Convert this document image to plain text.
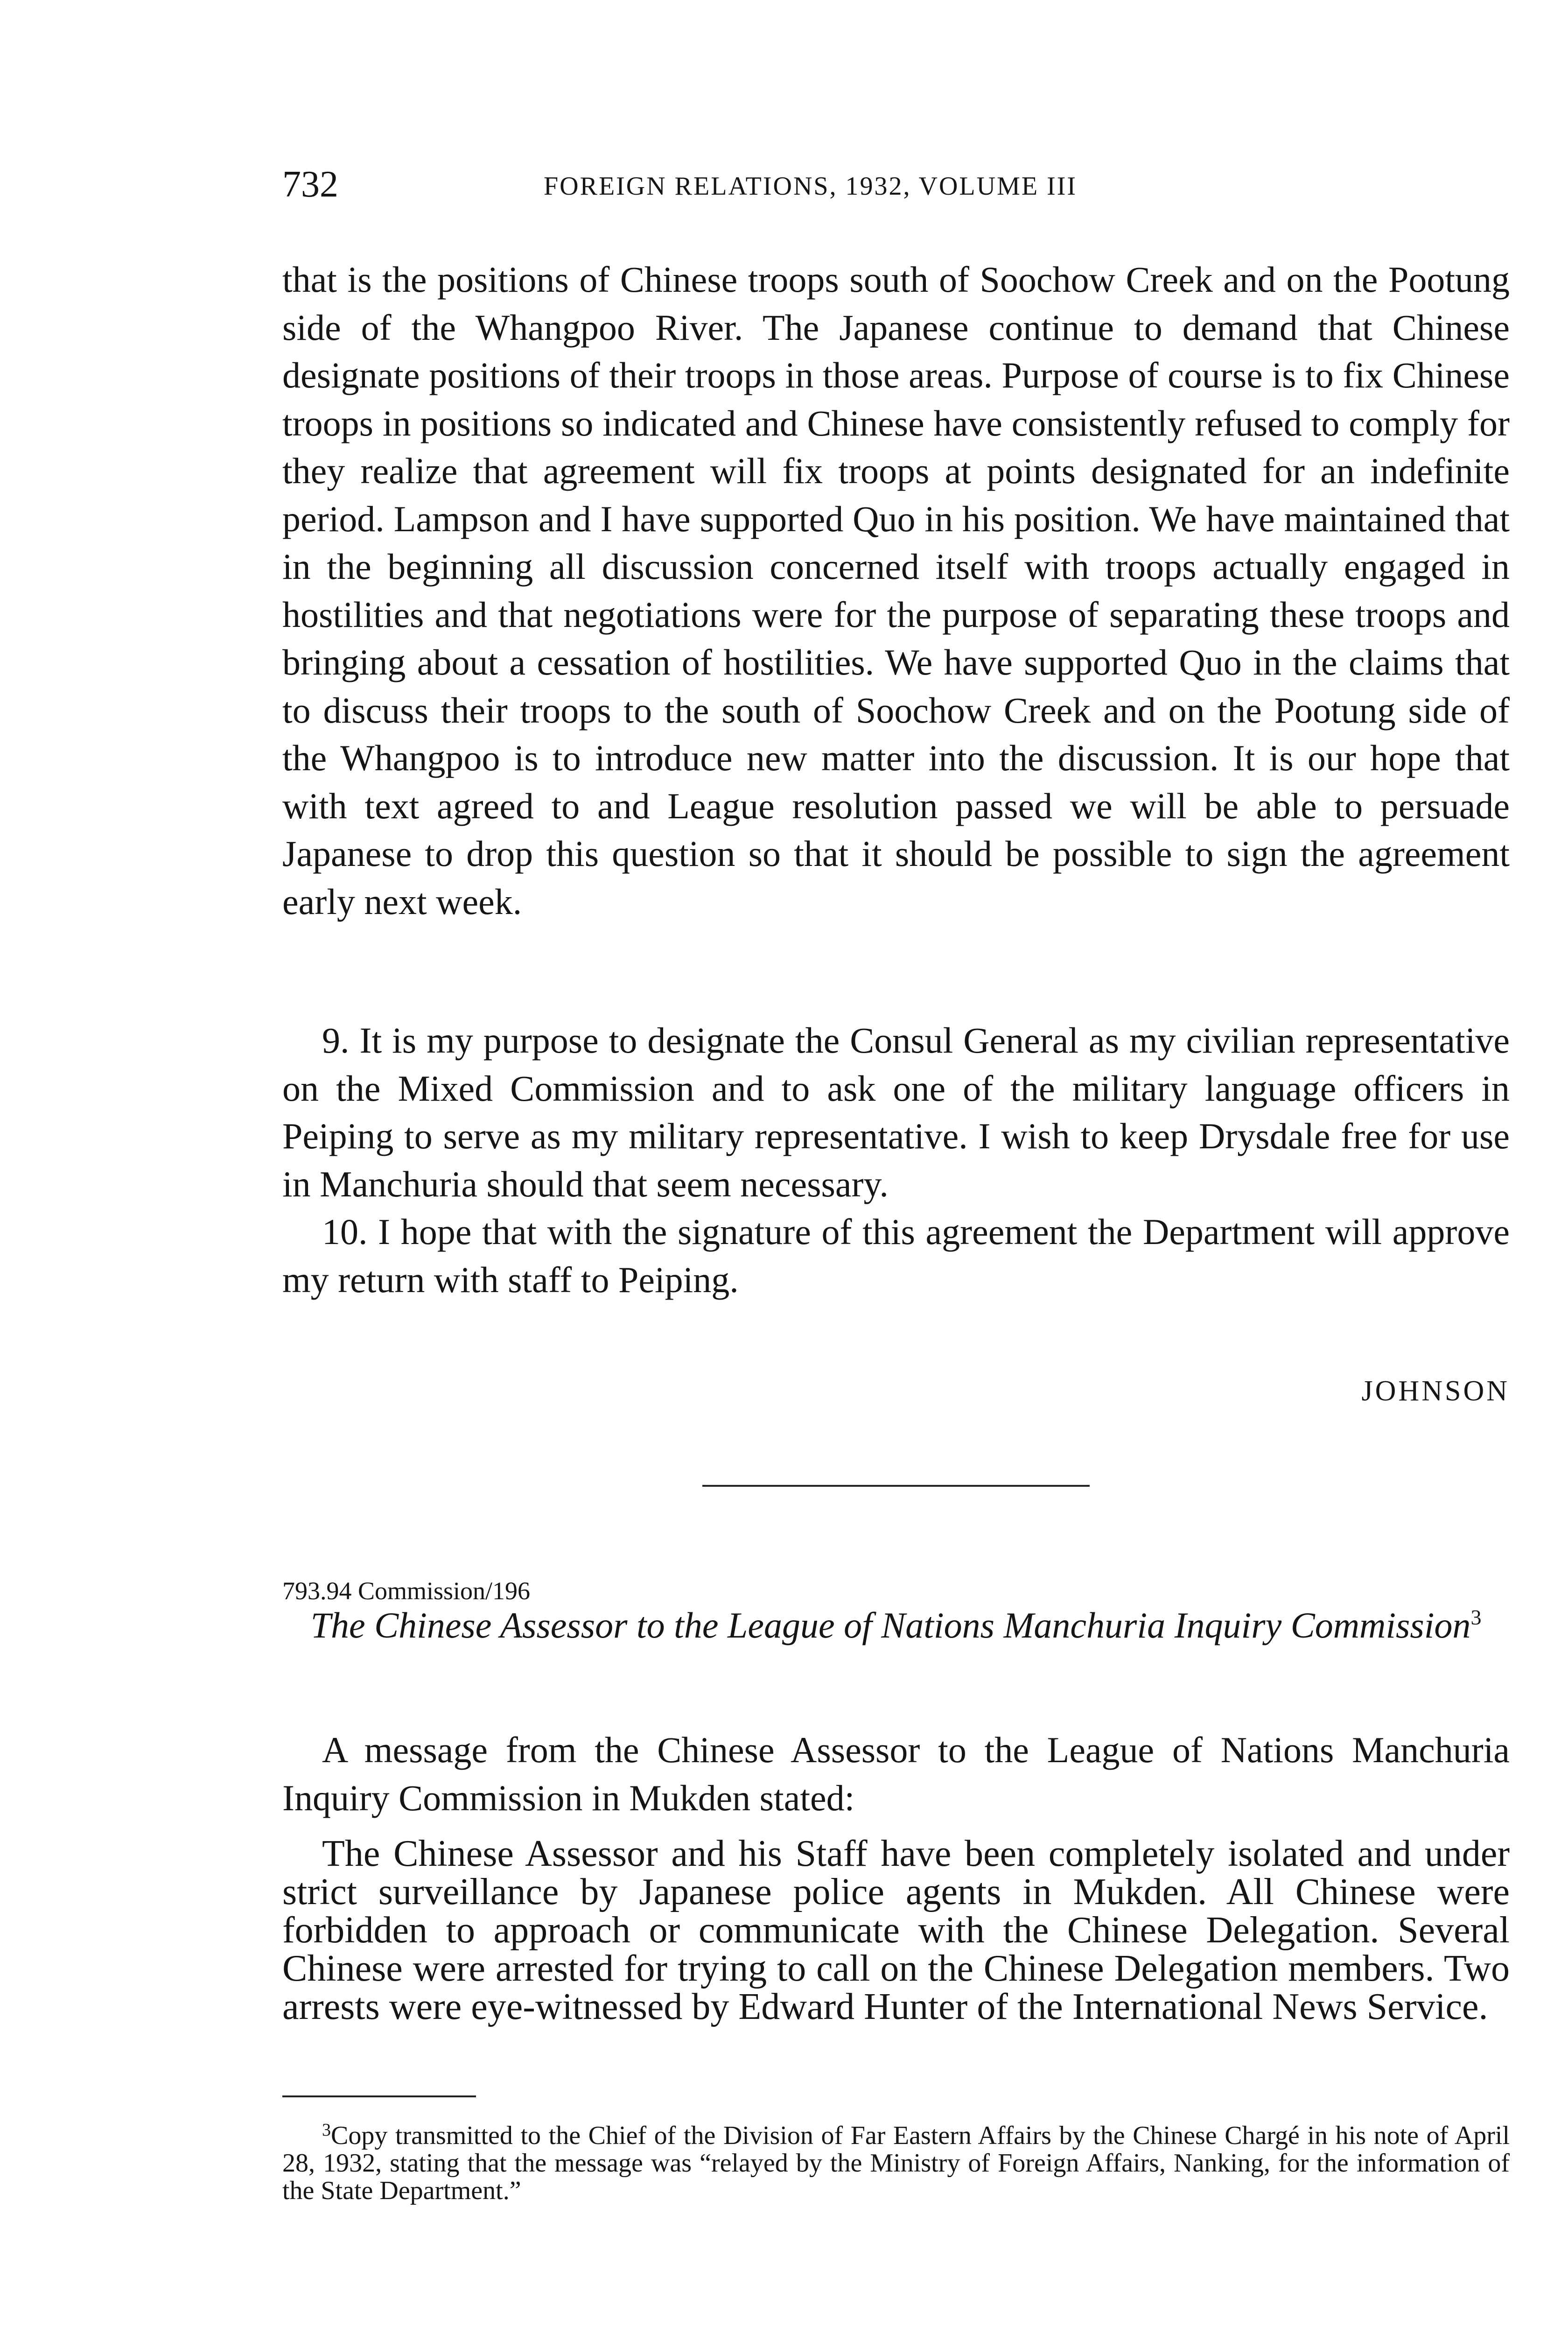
732	FOREIGN RELATIONS, 1932, VOLUME III

that is the positions of Chinese troops south of Soochow Creek and on the Pootung side of the Whangpoo River. The Japanese continue to demand that Chinese designate positions of their troops in those areas. Purpose of course is to fix Chinese troops in positions so indicated and Chinese have consistently refused to comply for they realize that agreement will fix troops at points designated for an indefinite period. Lampson and I have supported Quo in his position. We have maintained that in the beginning all discussion concerned itself with troops actually engaged in hostilities and that negotiations were for the purpose of separating these troops and bringing about a cessation of hostilities. We have supported Quo in the claims that to discuss their troops to the south of Soochow Creek and on the Pootung side of the Whangpoo is to introduce new matter into the discussion. It is our hope that with text agreed to and League resolution passed we will be able to persuade Japanese to drop this question so that it should be possible to sign the agreement early next week.

9. It is my purpose to designate the Consul General as my civilian representative on the Mixed Commission and to ask one of the military language officers in Peiping to serve as my military representative. I wish to keep Drysdale free for use in Manchuria should that seem necessary.

10. I hope that with the signature of this agreement the Department will approve my return with staff to Peiping.

JOHNSON
793.94 Commission/196

The Chinese Assessor to the League of Nations Manchuria Inquiry Commission$^3$

A message from the Chinese Assessor to the League of Nations Manchuria Inquiry Commission in Mukden stated:

The Chinese Assessor and his Staff have been completely isolated and under strict surveillance by Japanese police agents in Mukden. All Chinese were forbidden to approach or communicate with the Chinese Delegation. Several Chinese were arrested for trying to call on the Chinese Delegation members. Two arrests were eye-witnessed by Edward Hunter of the International News Service.

$^3$Copy transmitted to the Chief of the Division of Far Eastern Affairs by the Chinese Chargé in his note of April 28, 1932, stating that the message was “relayed by the Ministry of Foreign Affairs, Nanking, for the information of the State Department.”
